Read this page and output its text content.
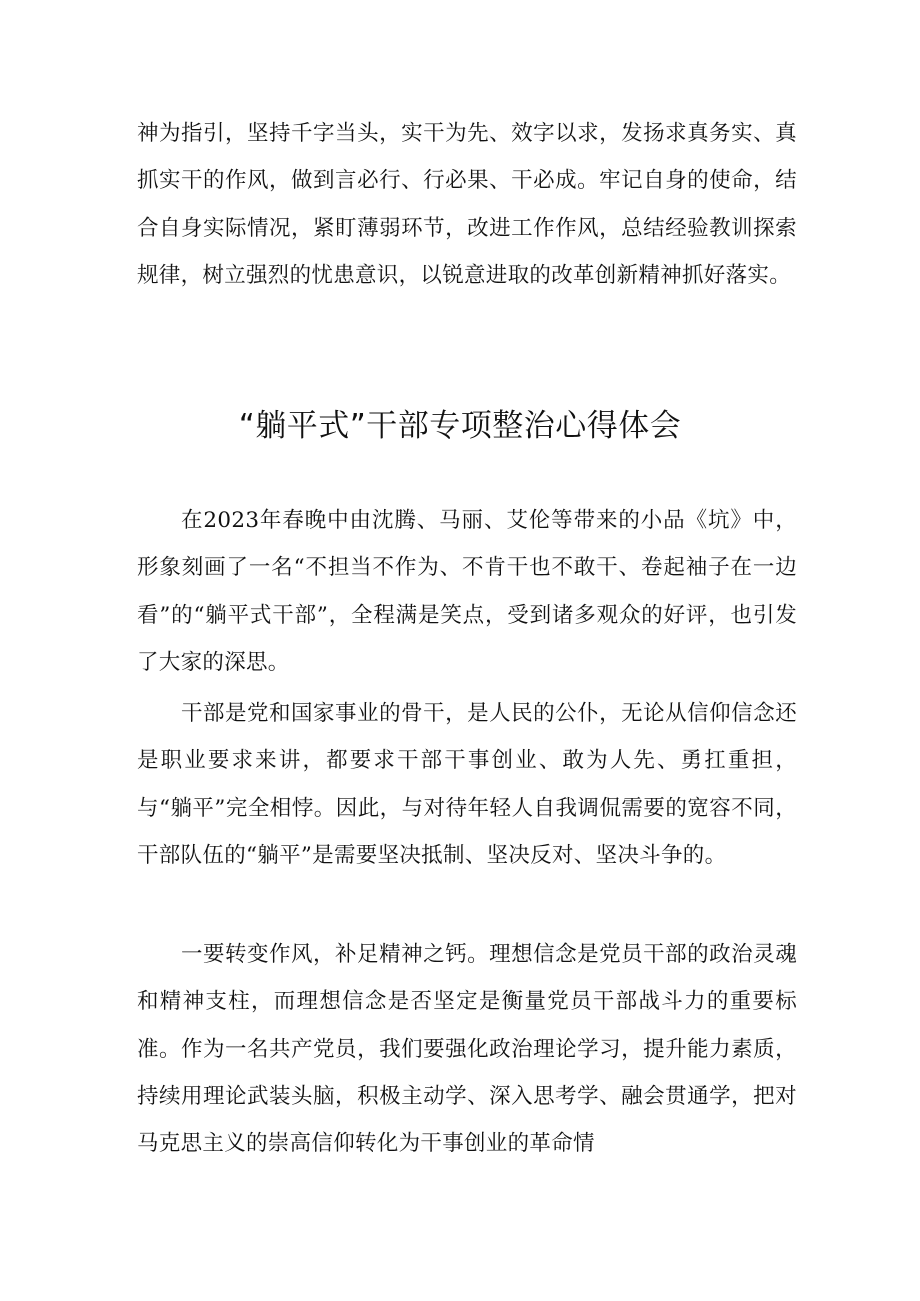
神为指引，坚持千字当头，实干为先、效字以求，发扬求真务实、真抓实干的作风，做到言必行、行必果、干必成。牢记自身的使命，结合自身实际情况，紧盯薄弱环节，改进工作作风，总结经验教训探索规律，树立强烈的忧患意识，以锐意进取的改革创新精神抓好落实。

“躺平式”干部专项整治心得体会

在2023年春晚中由沈腾、马丽、艾伦等带来的小品《坑》中，形象刻画了一名“不担当不作为、不肯干也不敢干、卷起袖子在一边看”的“躺平式干部”，全程满是笑点，受到诸多观众的好评，也引发了大家的深思。

干部是党和国家事业的骨干，是人民的公仆，无论从信仰信念还是职业要求来讲，都要求干部干事创业、敢为人先、勇扛重担，与“躺平”完全相悖。因此，与对待年轻人自我调侃需要的宽容不同，干部队伍的“躺平”是需要坚决抵制、坚决反对、坚决斗争的。

一要转变作风，补足精神之钙。理想信念是党员干部的政治灵魂和精神支柱，而理想信念是否坚定是衡量党员干部战斗力的重要标准。作为一名共产党员，我们要强化政治理论学习，提升能力素质，持续用理论武装头脑，积极主动学、深入思考学、融会贯通学，把对马克思主义的崇高信仰转化为干事创业的革命情
